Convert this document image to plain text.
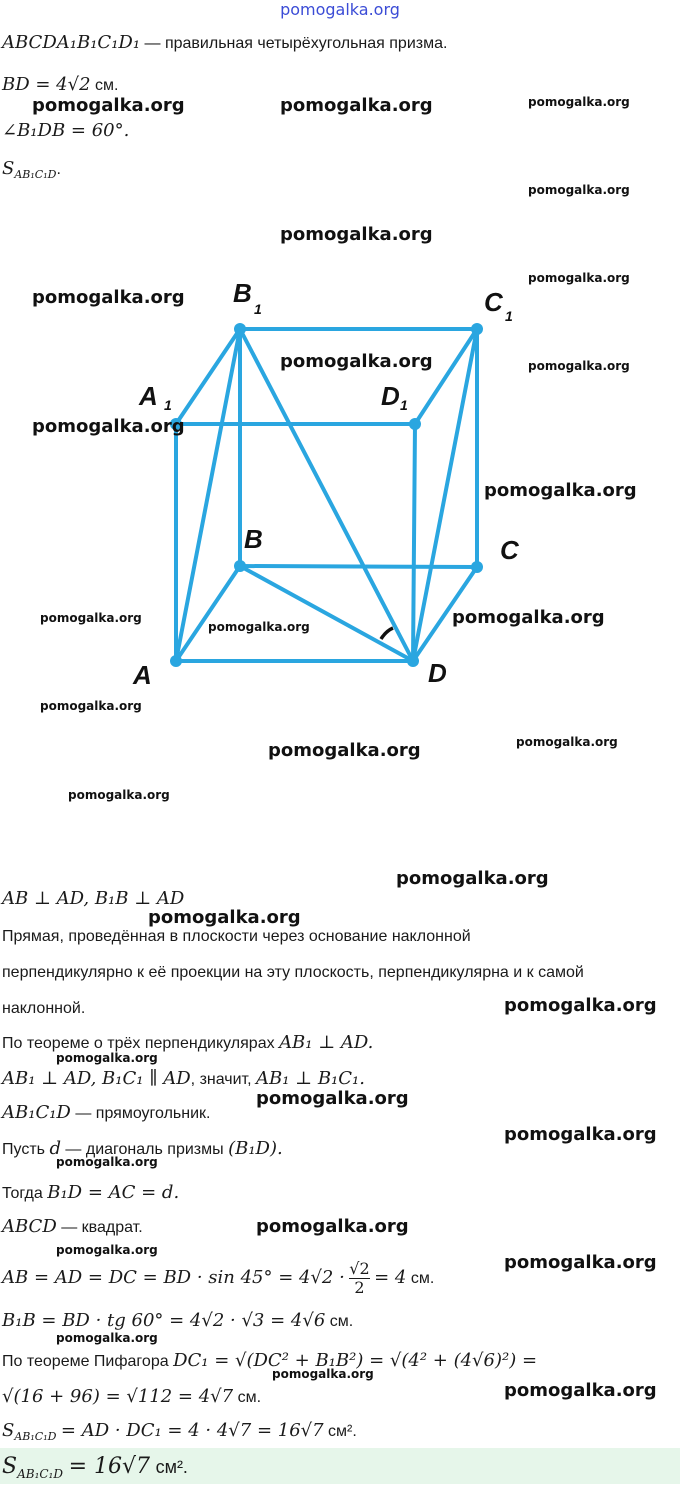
pomogalka.org
ABCDA₁B₁C₁D₁ — правильная четырёхугольная призма.
BD = 4√2 см.
∠B₁DB = 60°.
$S_{AB_1C_1D}$.
A	D
B	C
A 1	D 1
B
1	C 1
AB ⊥ AD, B₁B ⊥ AD
Прямая, проведённая в плоскости через основание наклонной
перпендикулярно к её проекции на эту плоскость, перпендикулярна и к самой
наклонной.
По теореме о трёх перпендикулярах AB₁ ⊥ AD.
AB₁ ⊥ AD, B₁C₁ ∥ AD, значит, AB₁ ⊥ B₁C₁.
AB₁C₁D — прямоугольник.
Пусть d — диагональ призмы (B₁D).
Тогда B₁D = AC = d.
ABCD — квадрат.
AB = AD = DC = BD · $\sin 45^\circ = 4√2 \cdot \frac{√2}{2} = 4$ см.
B₁B = BD · tg 60° = 4√2 · √3 = 4√6 см.
По теореме Пифагора DC₁ = √(DC² + B₁B²) = √(4² + (4√6)²) =
√(16 + 96) = √112 = 4√7 см.
$S_{AB_1C_1D}$ = AD · DC₁ = 4 · 4√7 = 16√7 см².
$S_{AB_1C_1D} = 16√7$ см².
pomogalka.org	pomogalka.org	pomogalka.org
pomogalka.org
pomogalka.org
pomogalka.org
pomogalka.org
pomogalka.org	pomogalka.org
pomogalka.org
pomogalka.org
pomogalka.org
pomogalka.org	pomogalka.org
pomogalka.org
pomogalka.org	pomogalka.org
pomogalka.org
pomogalka.org
pomogalka.org
pomogalka.org
pomogalka.org
pomogalka.org
pomogalka.org
pomogalka.org
pomogalka.org
pomogalka.org
pomogalka.org
pomogalka.org
pomogalka.org
pomogalka.org
